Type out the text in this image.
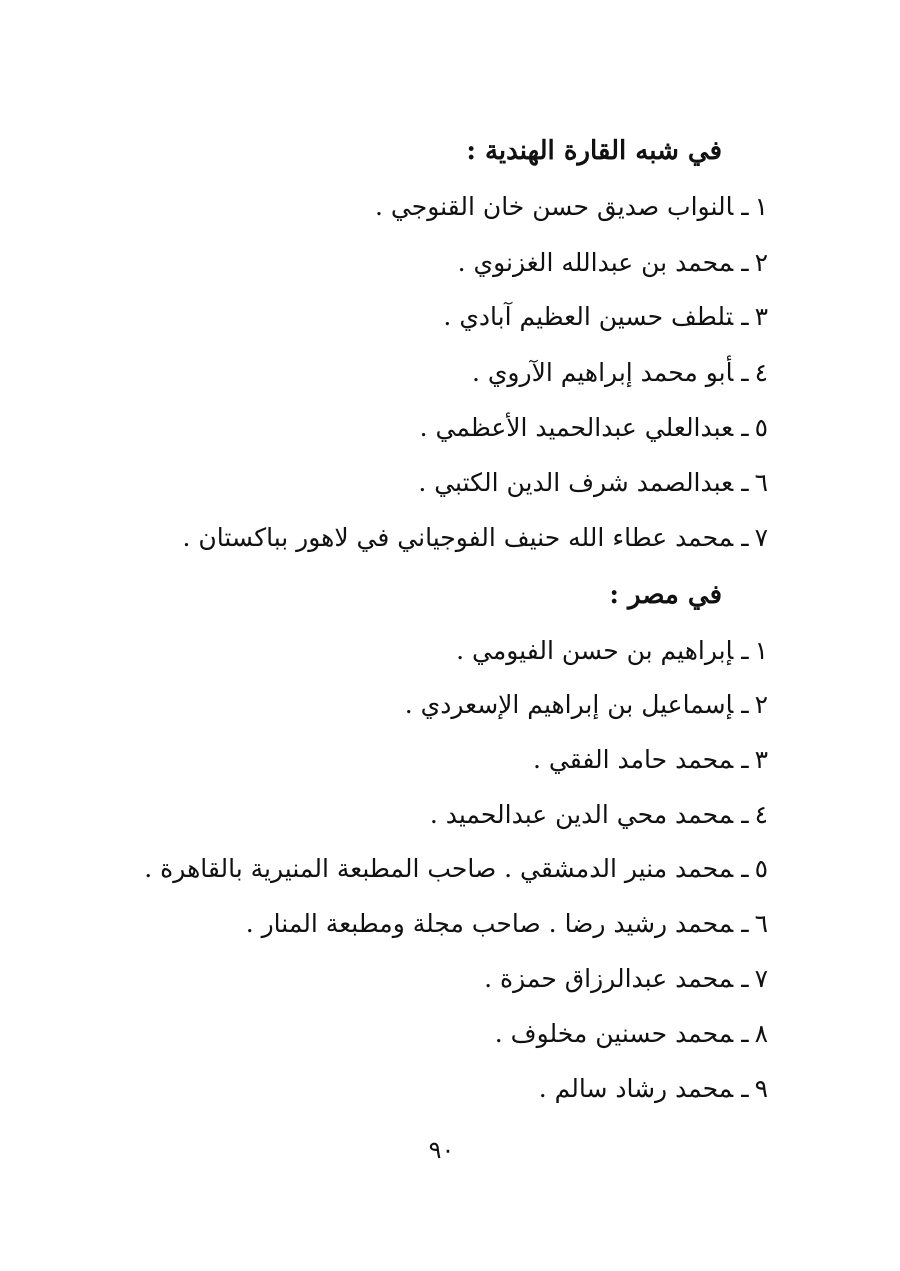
في شبه القارة الهندية :
١ـالنواب صديق حسن خان القنوجي .
٢ـمحمد بن عبدالله الغزنوي .
٣ـتلطف حسين العظيم آبادي .
٤ـأبو محمد إبراهيم الآروي .
٥ـعبدالعلي عبدالحميد الأعظمي .
٦ـعبدالصمد شرف الدين الكتبي .
٧ـمحمد عطاء الله حنيف الفوجياني في لاهور بباكستان .
في مصر :
١ـإبراهيم بن حسن الفيومي .
٢ـإسماعيل بن إبراهيم الإسعردي .
٣ـمحمد حامد الفقي .
٤ـمحمد محي الدين عبدالحميد .
٥ـمحمد منير الدمشقي . صاحب المطبعة المنيرية بالقاهرة .
٦ـمحمد رشيد رضا . صاحب مجلة ومطبعة المنار .
٧ـمحمد عبدالرزاق حمزة .
٨ـمحمد حسنين مخلوف .
٩ـمحمد رشاد سالم .
٩٠
